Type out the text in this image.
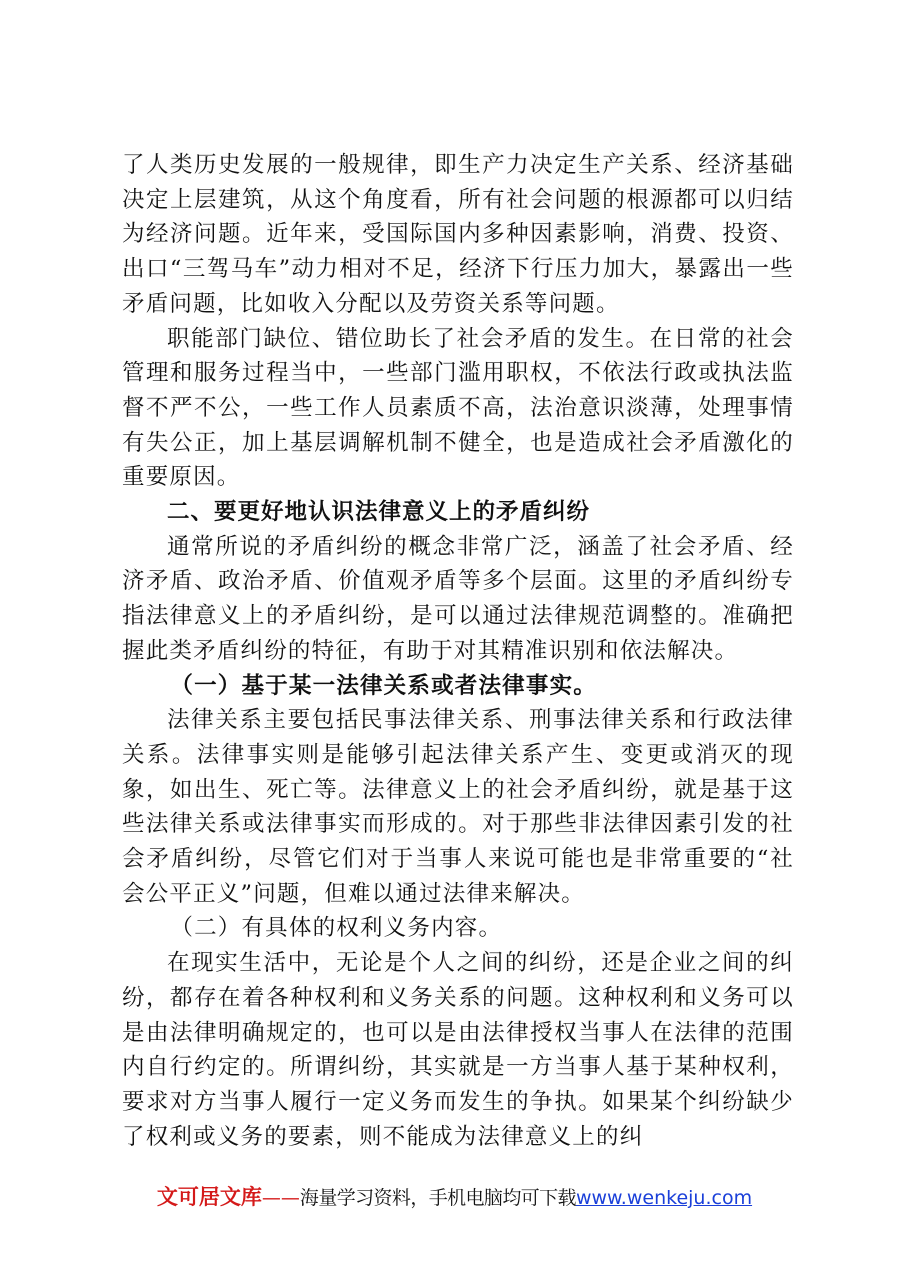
了人类历史发展的一般规律，即生产力决定生产关系、经济基础决定上层建筑，从这个角度看，所有社会问题的根源都可以归结为经济问题。近年来，受国际国内多种因素影响，消费、投资、出口“三驾马车”动力相对不足，经济下行压力加大，暴露出一些矛盾问题，比如收入分配以及劳资关系等问题。

职能部门缺位、错位助长了社会矛盾的发生。在日常的社会管理和服务过程当中，一些部门滥用职权，不依法行政或执法监督不严不公，一些工作人员素质不高，法治意识淡薄，处理事情有失公正，加上基层调解机制不健全，也是造成社会矛盾激化的重要原因。

二、要更好地认识法律意义上的矛盾纠纷

通常所说的矛盾纠纷的概念非常广泛，涵盖了社会矛盾、经济矛盾、政治矛盾、价值观矛盾等多个层面。这里的矛盾纠纷专指法律意义上的矛盾纠纷，是可以通过法律规范调整的。准确把握此类矛盾纠纷的特征，有助于对其精准识别和依法解决。

（一）基于某一法律关系或者法律事实。

法律关系主要包括民事法律关系、刑事法律关系和行政法律关系。法律事实则是能够引起法律关系产生、变更或消灭的现象，如出生、死亡等。法律意义上的社会矛盾纠纷，就是基于这些法律关系或法律事实而形成的。对于那些非法律因素引发的社会矛盾纠纷，尽管它们对于当事人来说可能也是非常重要的“社会公平正义”问题，但难以通过法律来解决。

（二）有具体的权利义务内容。

在现实生活中，无论是个人之间的纠纷，还是企业之间的纠纷，都存在着各种权利和义务关系的问题。这种权利和义务可以是由法律明确规定的，也可以是由法律授权当事人在法律的范围内自行约定的。所谓纠纷，其实就是一方当事人基于某种权利，要求对方当事人履行一定义务而发生的争执。如果某个纠纷缺少了权利或义务的要素，则不能成为法律意义上的纠

文可居文库——海量学习资料，手机电脑均可下载www.wenkeju.com
